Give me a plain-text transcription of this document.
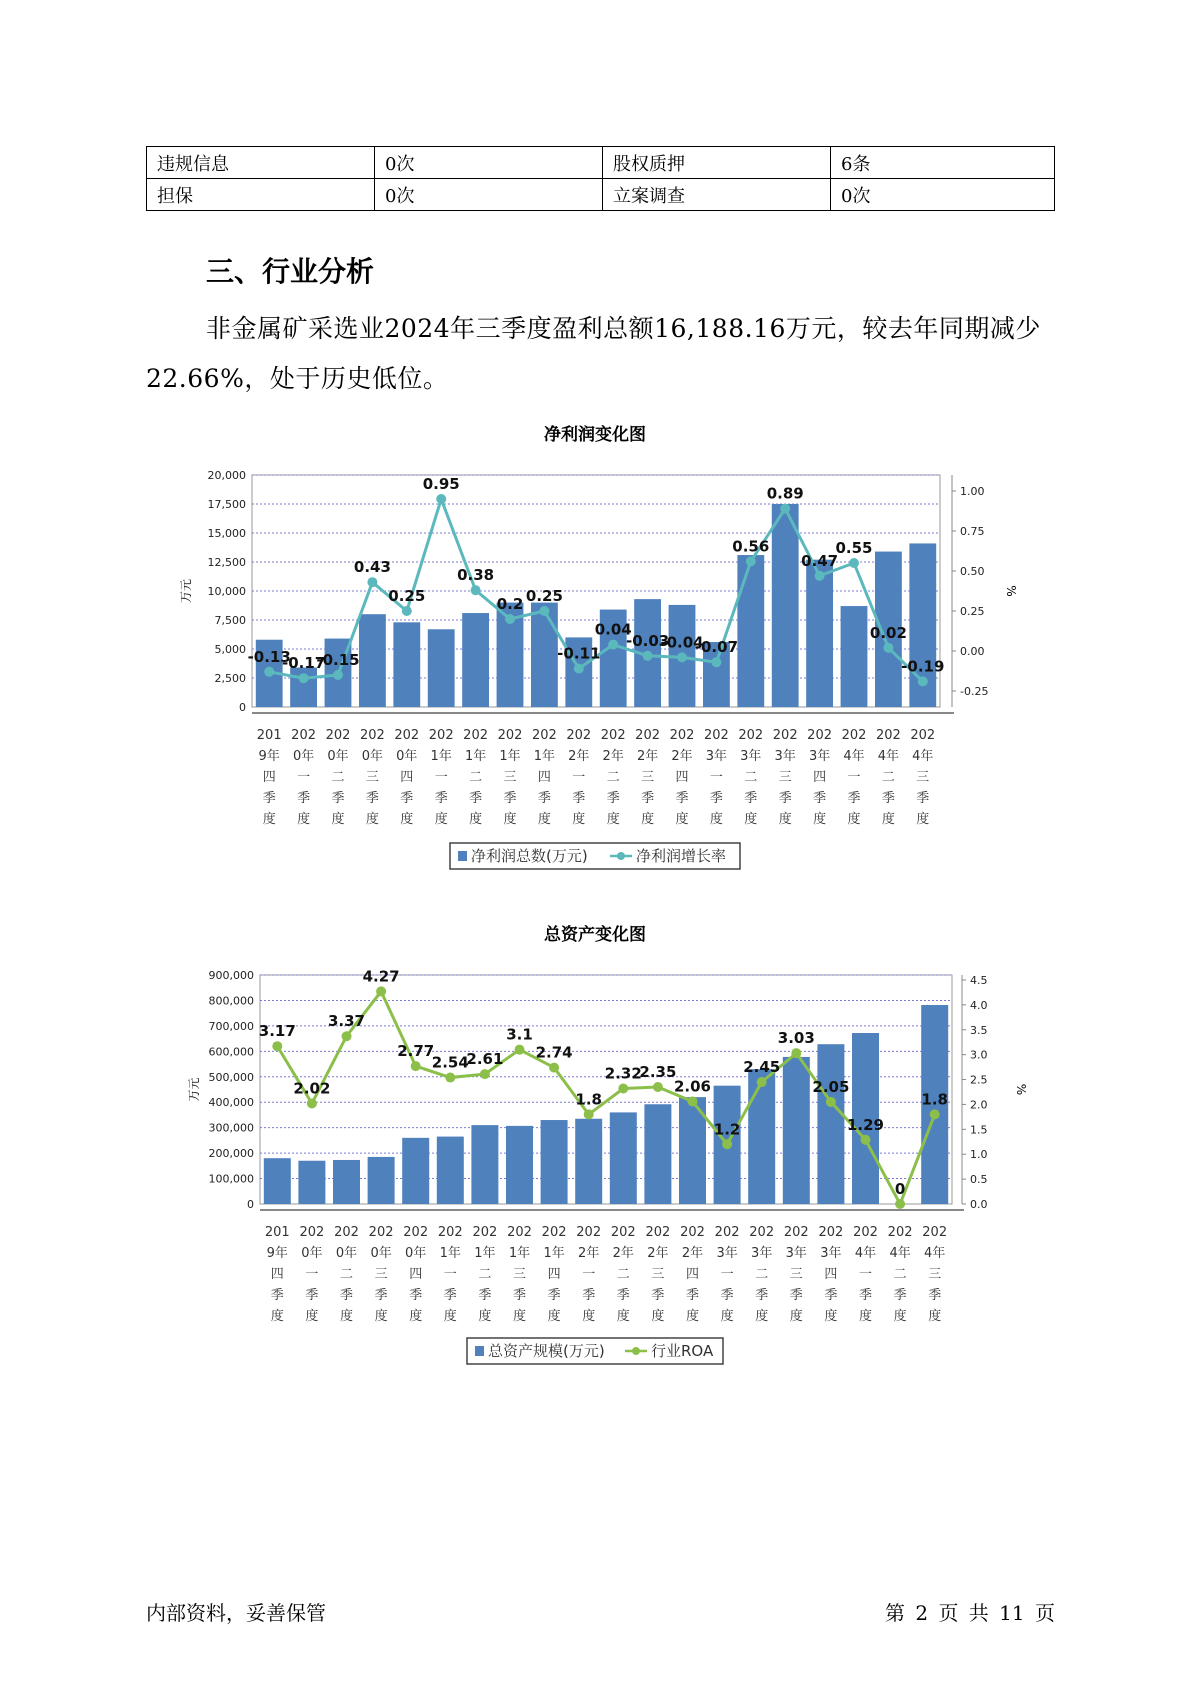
违规信息	0次	股权质押	6条
担保	0次	立案调查	0次
三、行业分析

非金属矿采选业2024年三季度盈利总额16,188.16万元，较去年同期减少22.66%，处于历史低位。

净利润变化图
0
2,500
5,000
7,500
10,000
12,500
15,000
17,500
20,000
-0.25
0.00
0.25
0.50
0.75
1.00
万元	%
-0.13
-0.17
-0.15
0.43
0.25
0.95
0.38
0.2 0.25
-0.11
0.04
-0.03
-0.04
-0.07
0.56
0.89
0.47
0.55
0.02
-0.19
201 9年四季度
202 0年一季度
202 0年二季度
202 0年三季度
202 0年四季度
202 1年一季度
202 1年二季度
202 1年三季度
202 1年四季度
202 2年一季度
202 2年二季度
202 2年三季度
202 2年四季度
202 3年一季度
202 3年二季度
202 3年三季度
202 3年四季度
202 4年一季度
202 4年二季度
202 4年三季度
净利润总数(万元)	净利润增长率
总资产变化图
0
100,000
200,000
300,000
400,000
500,000
600,000
700,000
800,000
900,000
0.0
0.5
1.0
1.5
2.0
2.5
3.0
3.5
4.0
4.5
万元	%
3.17
2.02
3.37
4.27
2.77
2.54
2.61
3.1
2.74
1.8
2.32
2.35
2.06
1.2
2.45
3.03
2.05
1.29
0
1.8
201 9年四季度
202 0年一季度
202 0年二季度
202 0年三季度
202 0年四季度
202 1年一季度
202 1年二季度
202 1年三季度
202 1年四季度
202 2年一季度
202 2年二季度
202 2年三季度
202 2年四季度
202 3年一季度
202 3年二季度
202 3年三季度
202 3年四季度
202 4年一季度
202 4年二季度
202 4年三季度
总资产规模(万元)	行业ROA
内部资料，妥善保管	第 2 页 共 11 页
